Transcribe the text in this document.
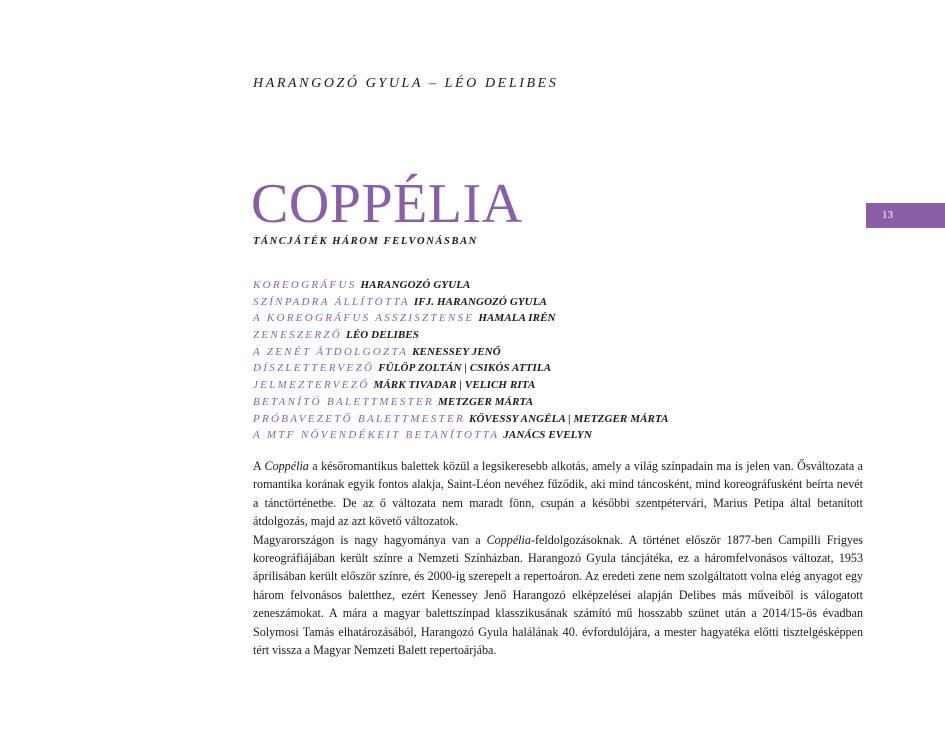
HARANGOZÓ GYULA – LÉO DELIBES
13
COPPÉLIA
TÁNCJÁTÉK HÁROM FELVONÁSBAN
KOREOGRÁFUS HARANGOZÓ GYULA
SZÍNPADRA ÁLLÍTOTTA IFJ. HARANGOZÓ GYULA
A KOREOGRÁFUS ASSZISZTENSE HAMALA IRÉN
ZENESZERZŐ LÉO DELIBES
A ZENÉT ÁTDOLGOZTA KENESSEY JENŐ
DÍSZLETTERVEZŐ FÜLÖP ZOLTÁN | CSIKÓS ATTILA
JELMEZTERVEZŐ MÁRK TIVADAR | VELICH RITA
BETANÍTÓ BALETTMESTER METZGER MÁRTA
PRÓBAVEZETŐ BALETTMESTER KÖVESSY ANGÉLA | METZGER MÁRTA
A MTF NÖVENDÉKEIT BETANÍTOTTA JANÁCS EVELYN

A Coppélia a későromantikus balettek közül a legsikeresebb alkotás, amely a világ színpadain ma is jelen van. Ősváltozata a romantika korának egyik fontos alakja, Saint-Léon nevéhez fűződik, aki mind táncosként, mind koreográfusként beírta nevét a tánctörténetbe. De az ő változata nem maradt fönn, csupán a későbbi szentpétervári, Marius Petipa által betanított átdolgozás, majd az azt követő változatok.

Magyarországon is nagy hagyománya van a Coppélia-feldolgozásoknak. A történet először 1877-ben Campilli Frigyes koreográfiájában került színre a Nemzeti Színházban. Harangozó Gyula táncjátéka, ez a háromfelvonásos változat, 1953 áprilisában került először színre, és 2000-ig szerepelt a repertoáron. Az eredeti zene nem szolgáltatott volna elég anyagot egy három felvonásos baletthez, ezért Kenessey Jenő Harangozó elképzelései alapján Delibes más műveiből is válogatott zeneszámokat. A mára a magyar balettszínpad klasszikusának számító mű hosszabb szünet után a 2014/15-ös évadban Solymosi Tamás elhatározásából, Harangozó Gyula halálának 40. évfordulójára, a mester hagyatéka előtti tisztelgésképpen tért vissza a Magyar Nemzeti Balett repertoárjába.
